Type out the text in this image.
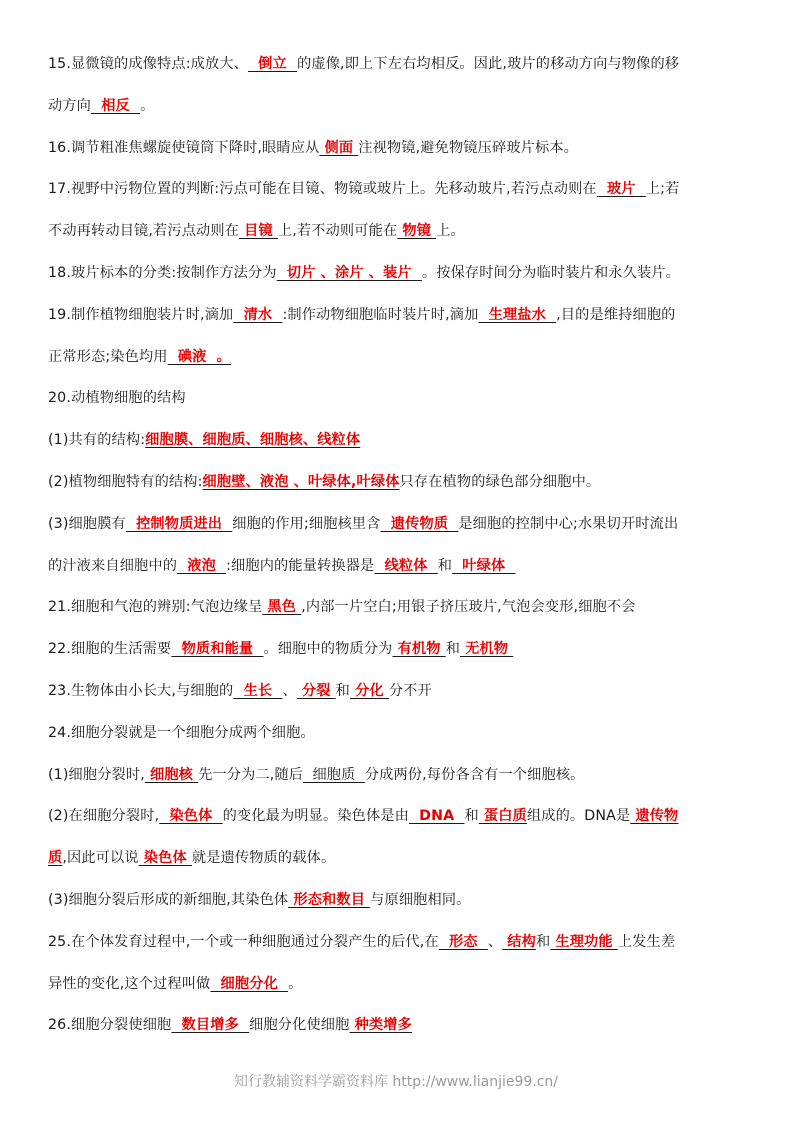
15.显微镜的成像特点:成放大、  倒立  的虚像,即上下左右均相反。因此,玻片的移动方向与物像的移
动方向  相反  。
16.调节粗准焦螺旋使镜筒下降时,眼睛应从 侧面 注视物镜,避免物镜压碎玻片标本。
17.视野中污物位置的判断:污点可能在目镜、物镜或玻片上。先移动玻片,若污点动则在  玻片  上;若
不动再转动目镜,若污点动则在 目镜 上,若不动则可能在 物镜 上。
18.玻片标本的分类:按制作方法分为  切片 、涂片 、装片  。按保存时间分为临时装片和永久装片。
19.制作植物细胞装片时,滴加  清水  :制作动物细胞临时装片时,滴加  生理盐水  ,目的是维持细胞的
正常形态;染色均用  碘液  。
20.动植物细胞的结构
(1)共有的结构:细胞膜、细胞质、细胞核、线粒体
(2)植物细胞特有的结构:细胞壁、液泡 、叶绿体,叶绿体只存在植物的绿色部分细胞中。
(3)细胞膜有  控制物质进出  细胞的作用;细胞核里含  遗传物质  是细胞的控制中心;水果切开时流出
的汁液来自细胞中的  液泡  :细胞内的能量转换器是  线粒体  和  叶绿体
21.细胞和气泡的辨别:气泡边缘呈 黑色 ,内部一片空白;用银子挤压玻片,气泡会变形,细胞不会
22.细胞的生活需要  物质和能量  。细胞中的物质分为 有机物 和 无机物
23.生物体由小长大,与细胞的  生长  、 分裂 和 分化 分不开
24.细胞分裂就是一个细胞分成两个细胞。
(1)细胞分裂时, 细胞核 先一分为二,随后  细胞质  分成两份,每份各含有一个细胞核。
(2)在细胞分裂时,  染色体  的变化最为明显。染色体是由  DNA  和 蛋白质组成的。DNA是 遗传物
质,因此可以说 染色体 就是遗传物质的载体。
(3)细胞分裂后形成的新细胞,其染色体 形态和数目 与原细胞相同。
25.在个体发育过程中,一个或一种细胞通过分裂产生的后代,在  形态  、 结构和 生理功能 上发生差
异性的变化,这个过程叫做  细胞分化  。
26.细胞分裂使细胞  数目增多  细胞分化使细胞 种类增多
知行教辅资料学霸资料库 http://www.lianjie99.cn/
